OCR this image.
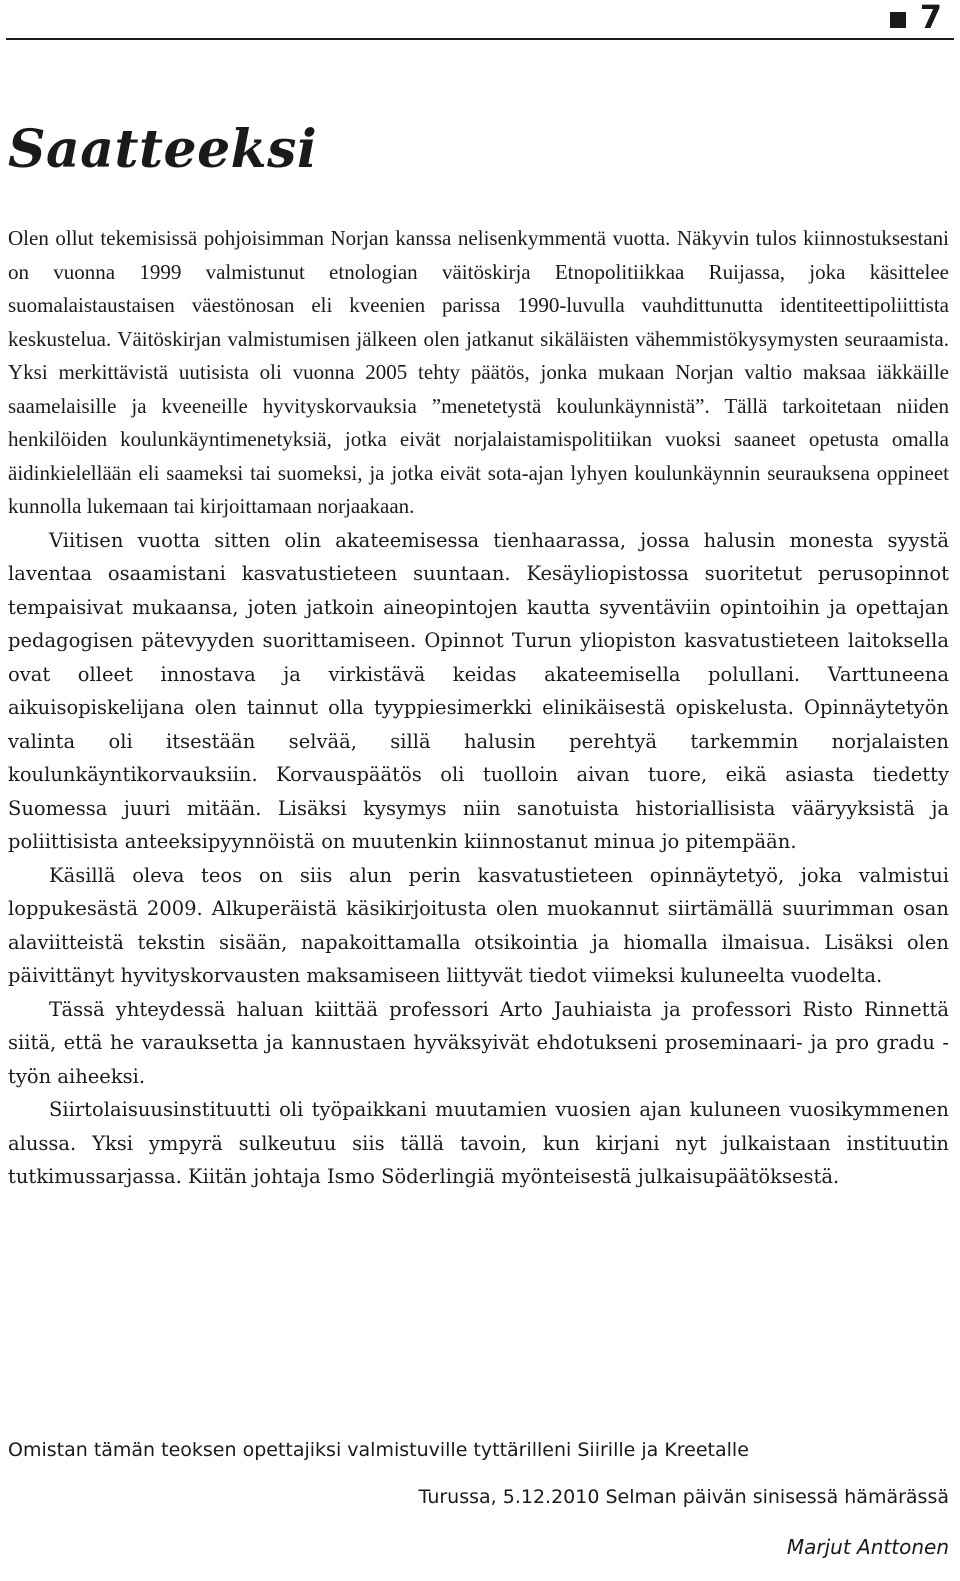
7
Saatteeksi

Olen ollut tekemisissä pohjoisimman Norjan kanssa nelisenkymmentä vuotta. Näkyvin tulos kiinnostuksestani on vuonna 1999 valmistunut etnologian väitöskirja Etnopolitiikkaa Ruijassa, joka käsittelee suomalaistaustaisen väestönosan eli kveenien parissa 1990-luvulla vauhdittunutta identiteettipoliittista keskustelua. Väitöskirjan valmistumisen jälkeen olen jatkanut sikäläisten vähemmistökysymysten seuraamista. Yksi merkittävistä uutisista oli vuonna 2005 tehty päätös, jonka mukaan Norjan valtio maksaa iäkkäille saamelaisille ja kveeneille hyvityskorvauksia ”menetetystä koulunkäynnistä”. Tällä tarkoitetaan niiden henkilöiden koulunkäyntimenetyksiä, jotka eivät norjalaistamispolitiikan vuoksi saaneet opetusta omalla äidinkielellään eli saameksi tai suomeksi, ja jotka eivät sota-ajan lyhyen koulunkäynnin seurauksena oppineet kunnolla lukemaan tai kirjoittamaan norjaakaan.

Viitisen vuotta sitten olin akateemisessa tienhaarassa, jossa halusin monesta syystä laventaa osaamistani kasvatustieteen suuntaan. Kesäyliopistossa suoritetut perusopinnot tempaisivat mukaansa, joten jatkoin aineopintojen kautta syventäviin opintoihin ja opettajan pedagogisen pätevyyden suorittamiseen. Opinnot Turun yliopiston kasvatustieteen laitoksella ovat olleet innostava ja virkistävä keidas akateemisella polullani. Varttuneena aikuisopiskelijana olen tainnut olla tyyppiesimerkki elinikäisestä opiskelusta. Opinnäytetyön valinta oli itsestään selvää, sillä halusin perehtyä tarkemmin norjalaisten koulunkäyntikorvauksiin. Korvauspäätös oli tuolloin aivan tuore, eikä asiasta tiedetty Suomessa juuri mitään. Lisäksi kysymys niin sanotuista historiallisista vääryyksistä ja poliittisista anteeksipyynnöistä on muutenkin kiinnostanut minua jo pitempään.

Käsillä oleva teos on siis alun perin kasvatustieteen opinnäytetyö, joka valmistui loppukesästä 2009. Alkuperäistä käsikirjoitusta olen muokannut siirtämällä suurimman osan alaviitteistä tekstin sisään, napakoittamalla otsikointia ja hiomalla ilmaisua. Lisäksi olen päivittänyt hyvityskorvausten maksamiseen liittyvät tiedot viimeksi kuluneelta vuodelta.

Tässä yhteydessä haluan kiittää professori Arto Jauhiaista ja professori Risto Rinnettä siitä, että he varauksetta ja kannustaen hyväksyivät ehdotukseni proseminaari- ja pro gradu -työn aiheeksi.

Siirtolaisuusinstituutti oli työpaikkani muutamien vuosien ajan kuluneen vuosikymmenen alussa. Yksi ympyrä sulkeutuu siis tällä tavoin, kun kirjani nyt julkaistaan instituutin tutkimussarjassa. Kiitän johtaja Ismo Söderlingiä myönteisestä julkaisupäätöksestä.

Omistan tämän teoksen opettajiksi valmistuville tyttärilleni Siirille ja Kreetalle

Turussa, 5.12.2010 Selman päivän sinisessä hämärässä

Marjut Anttonen
